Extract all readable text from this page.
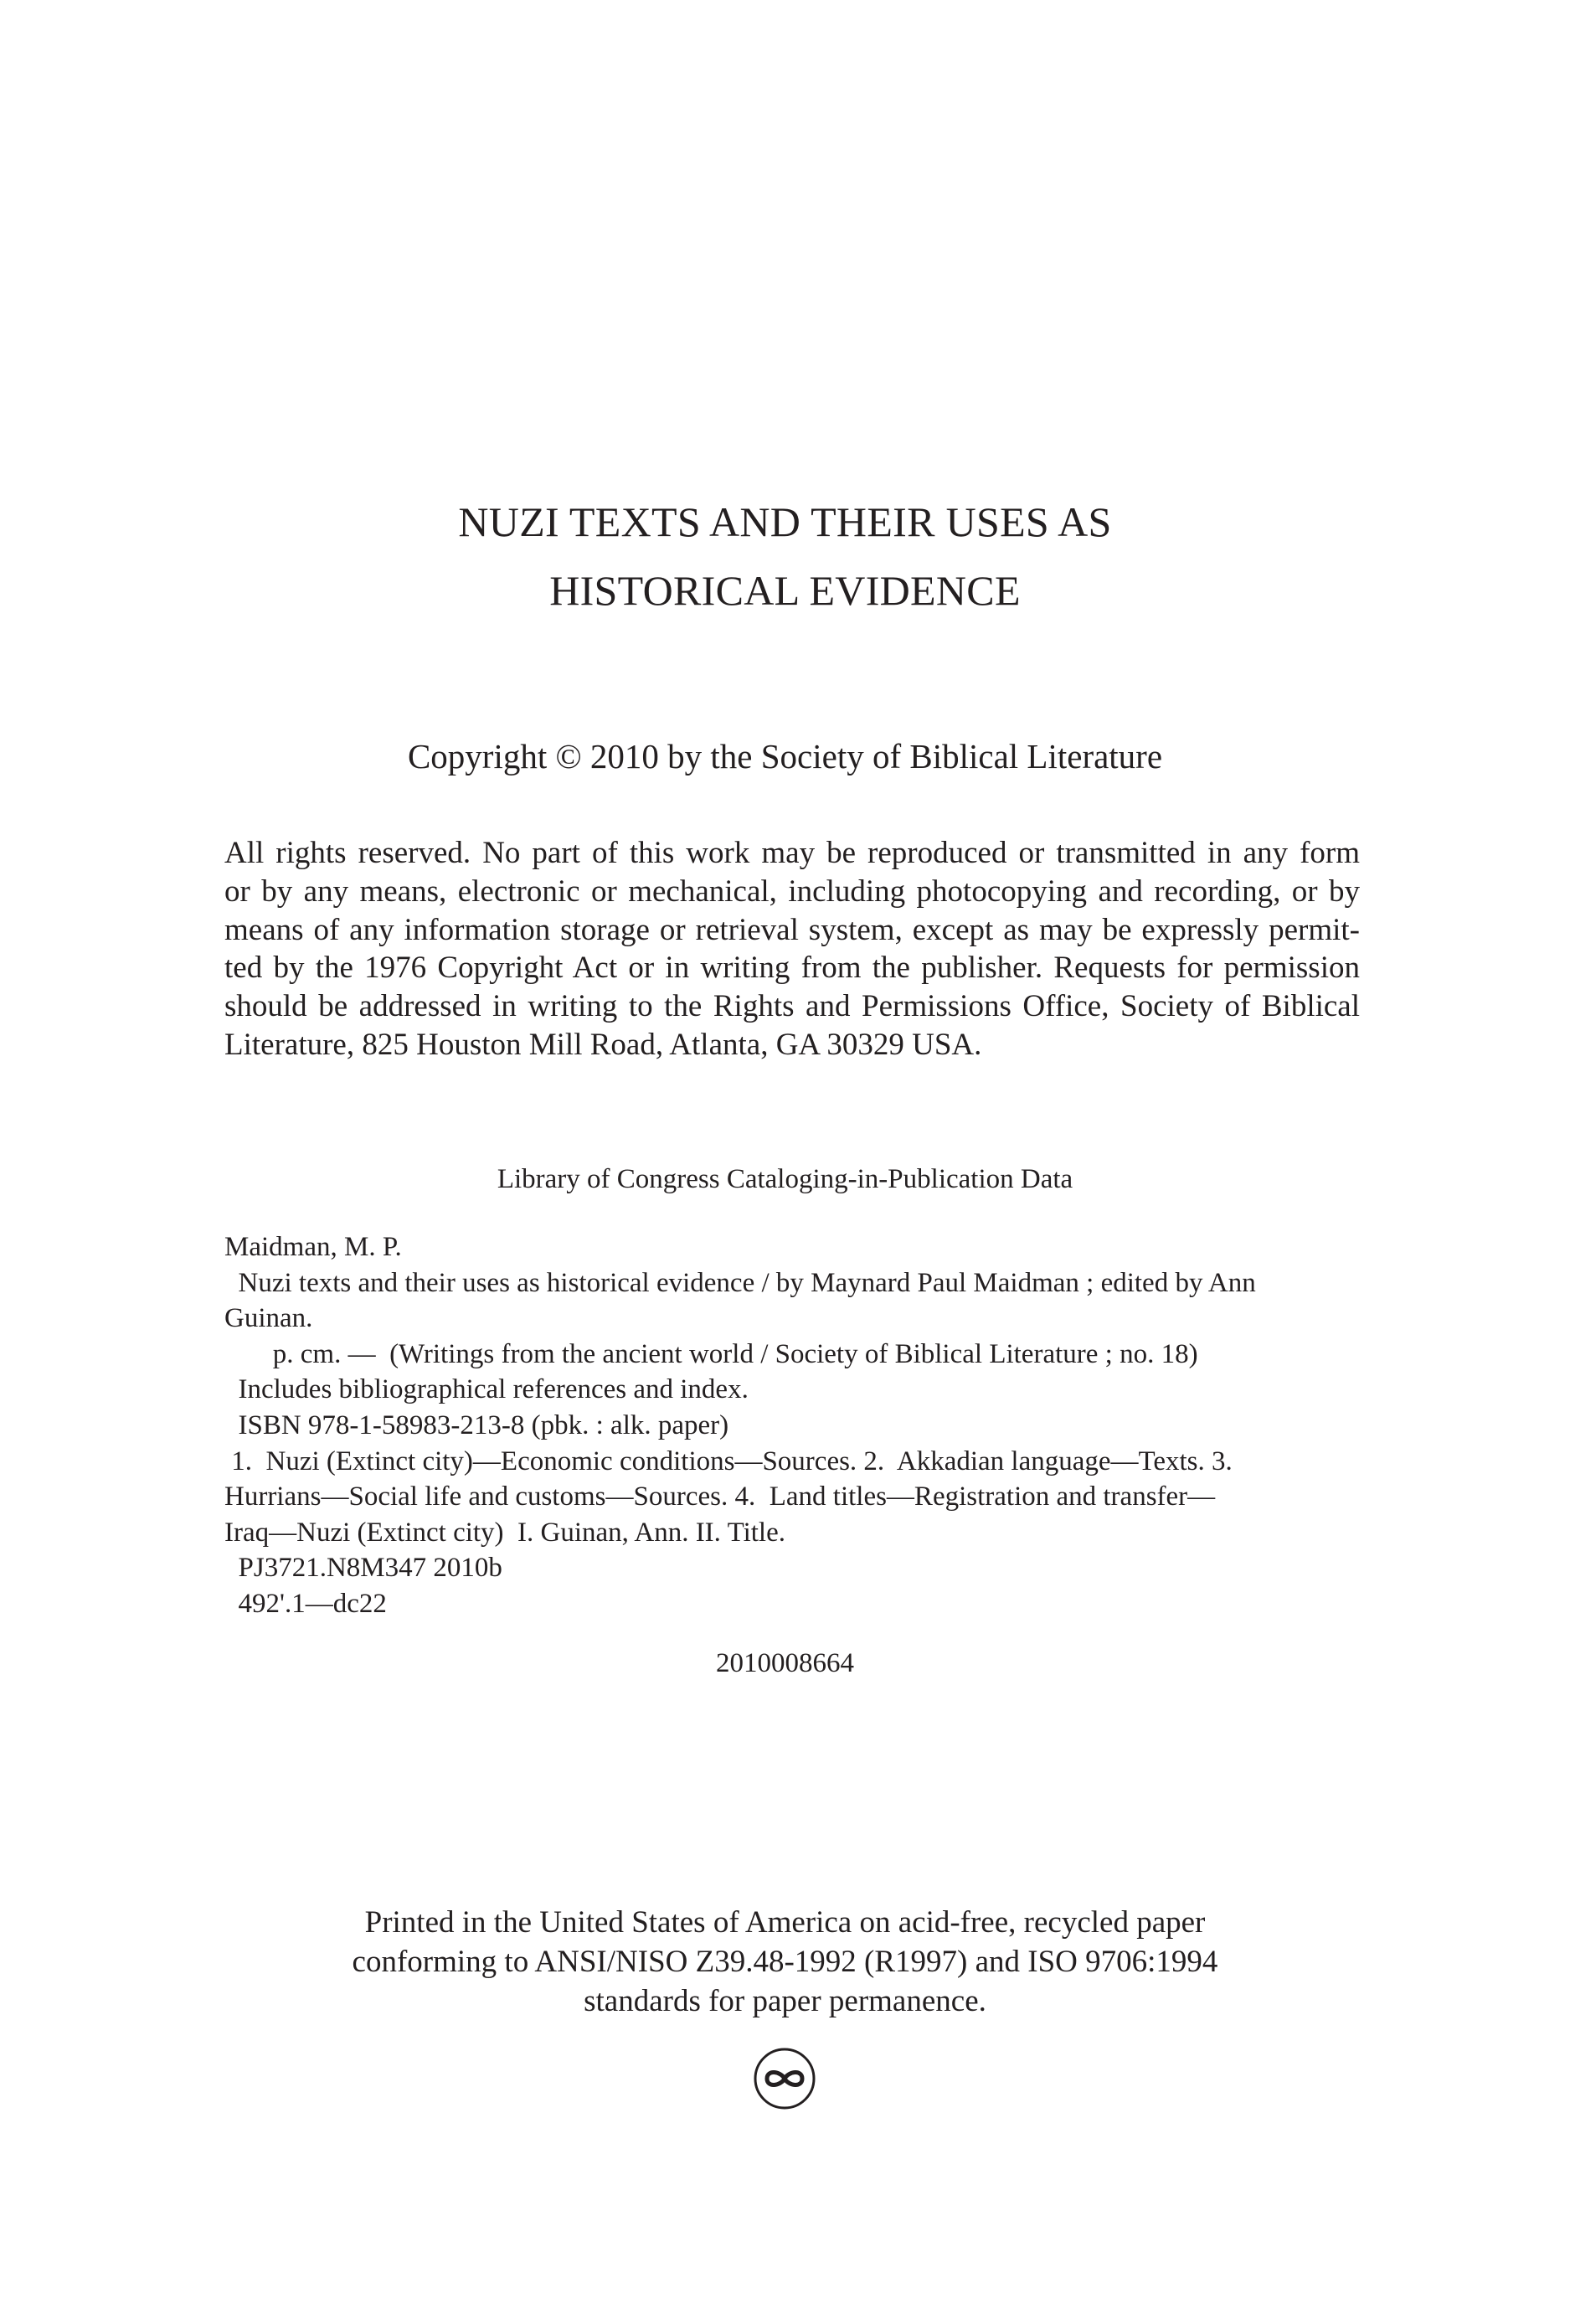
NUZI TEXTS AND THEIR USES AS
HISTORICAL EVIDENCE
Copyright © 2010 by the Society of Biblical Literature
All rights reserved. No part of this work may be reproduced or transmitted in any form
or by any means, electronic or mechanical, including photocopying and recording, or by
means of any information storage or retrieval system, except as may be expressly permit-
ted by the 1976 Copyright Act or in writing from the publisher. Requests for permission
should be addressed in writing to the Rights and Permissions Office, Society of Biblical
Literature, 825 Houston Mill Road, Atlanta, GA 30329 USA.
Library of Congress Cataloging-in-Publication Data
Maidman, M. P.
Nuzi texts and their uses as historical evidence / by Maynard Paul Maidman ; edited by Ann
Guinan.
p. cm. —  (Writings from the ancient world / Society of Biblical Literature ; no. 18)
Includes bibliographical references and index.
ISBN 978-1-58983-213-8 (pbk. : alk. paper)
1.  Nuzi (Extinct city)—Economic conditions—Sources. 2.  Akkadian language—Texts. 3.
Hurrians—Social life and customs—Sources. 4.  Land titles—Registration and transfer—
Iraq—Nuzi (Extinct city)  I. Guinan, Ann. II. Title.
PJ3721.N8M347 2010b
492'.1—dc22
2010008664
Printed in the United States of America on acid-free, recycled paper
conforming to ANSI/NISO Z39.48-1992 (R1997) and ISO 9706:1994
standards for paper permanence.
